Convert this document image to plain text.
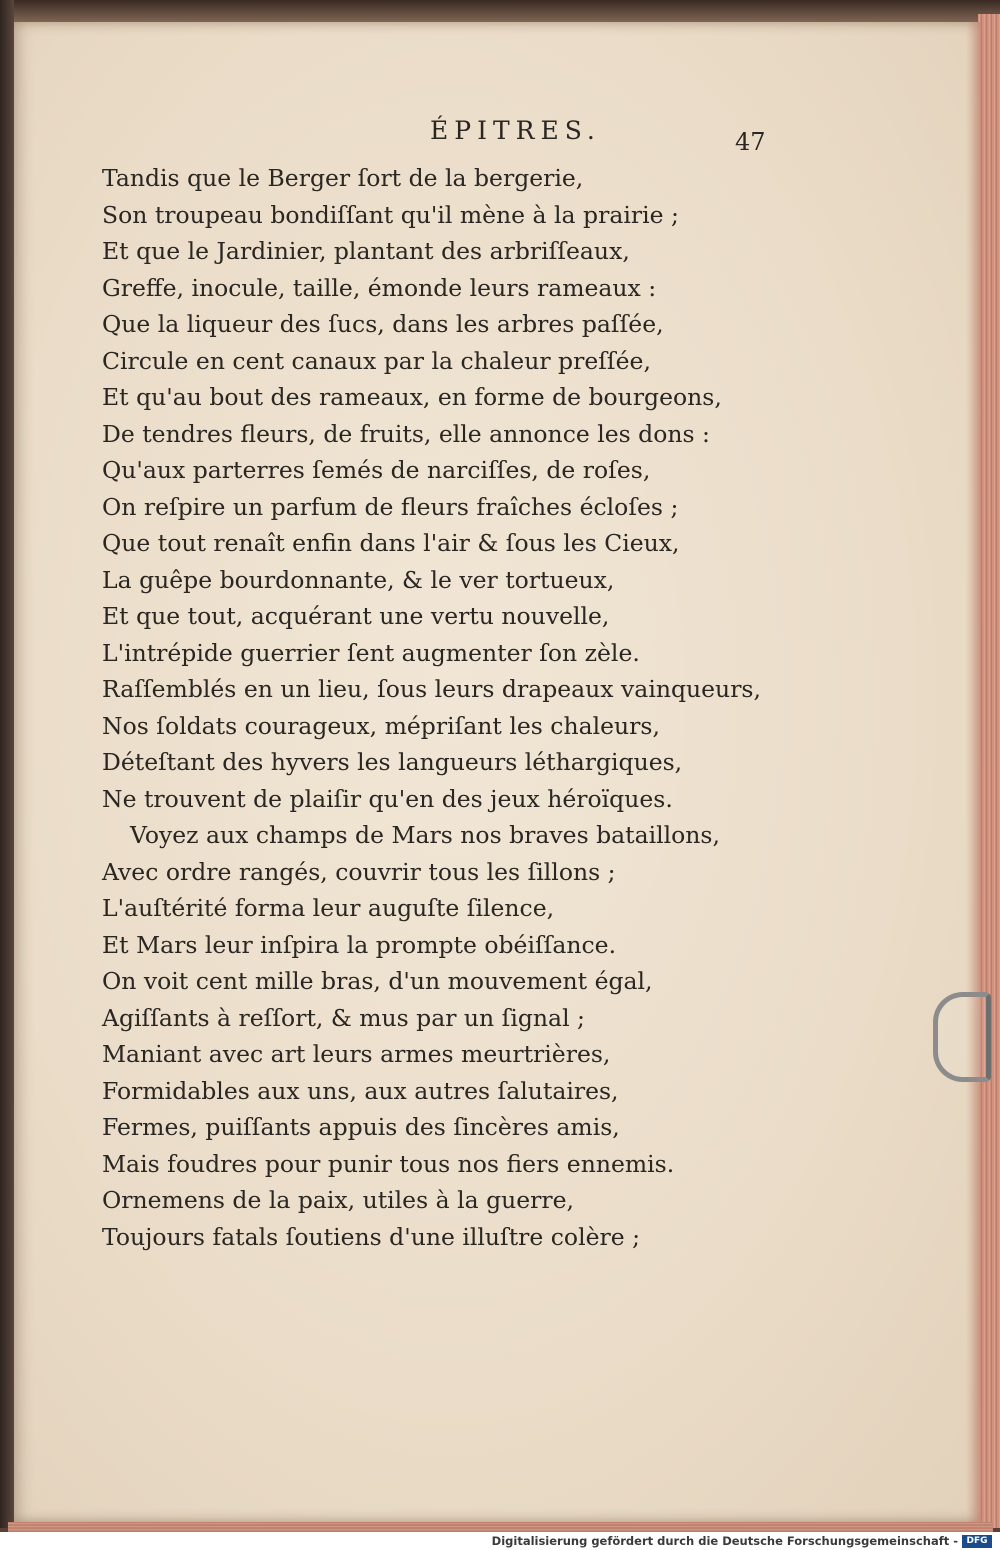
ÉPITRES.	47
Tandis que le Berger ſort de la bergerie,
Son troupeau bondiſſant qu'il mène à la prairie ;
Et que le Jardinier, plantant des arbriſſeaux,
Greffe, inocule, taille, émonde leurs rameaux :
Que la liqueur des ſucs, dans les arbres paſſée,
Circule en cent canaux par la chaleur preſſée,
Et qu'au bout des rameaux, en forme de bourgeons,
De tendres fleurs, de fruits, elle annonce les dons :
Qu'aux parterres ſemés de narciſſes, de roſes,
On reſpire un parfum de fleurs fraîches écloſes ;
Que tout renaît enfin dans l'air & ſous les Cieux,
La guêpe bourdonnante, & le ver tortueux,
Et que tout, acquérant une vertu nouvelle,
L'intrépide guerrier ſent augmenter ſon zèle.
Raſſemblés en un lieu, ſous leurs drapeaux vainqueurs,
Nos ſoldats courageux, mépriſant les chaleurs,
Déteſtant des hyvers les langueurs léthargiques,
Ne trouvent de plaiſir qu'en des jeux héroïques.
Voyez aux champs de Mars nos braves bataillons,
Avec ordre rangés, couvrir tous les ſillons ;
L'auſtérité forma leur auguſte ſilence,
Et Mars leur inſpira la prompte obéiſſance.
On voit cent mille bras, d'un mouvement égal,
Agiſſants à reſſort, & mus par un ſignal ;
Maniant avec art leurs armes meurtrières,
Formidables aux uns, aux autres ſalutaires,
Fermes, puiſſants appuis des ſincères amis,
Mais foudres pour punir tous nos fiers ennemis.
Ornemens de la paix, utiles à la guerre,
Toujours fatals ſoutiens d'une illuſtre colère ;
Digitalisierung gefördert durch die Deutsche Forschungsgemeinschaft - DFG
